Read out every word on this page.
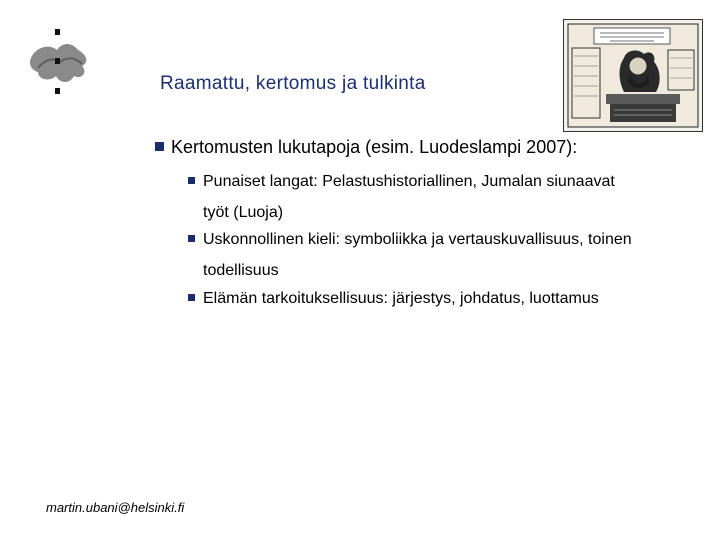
Raamattu, kertomus ja tulkinta
Kertomusten lukutapoja (esim. Luodeslampi 2007):
Punaiset langat: Pelastushistoriallinen, Jumalan siunaavat
työt (Luoja)
Uskonnollinen kieli: symboliikka ja vertauskuvallisuus, toinen
todellisuus
Elämän tarkoituksellisuus: järjestys, johdatus, luottamus
martin.ubani@helsinki.fi
